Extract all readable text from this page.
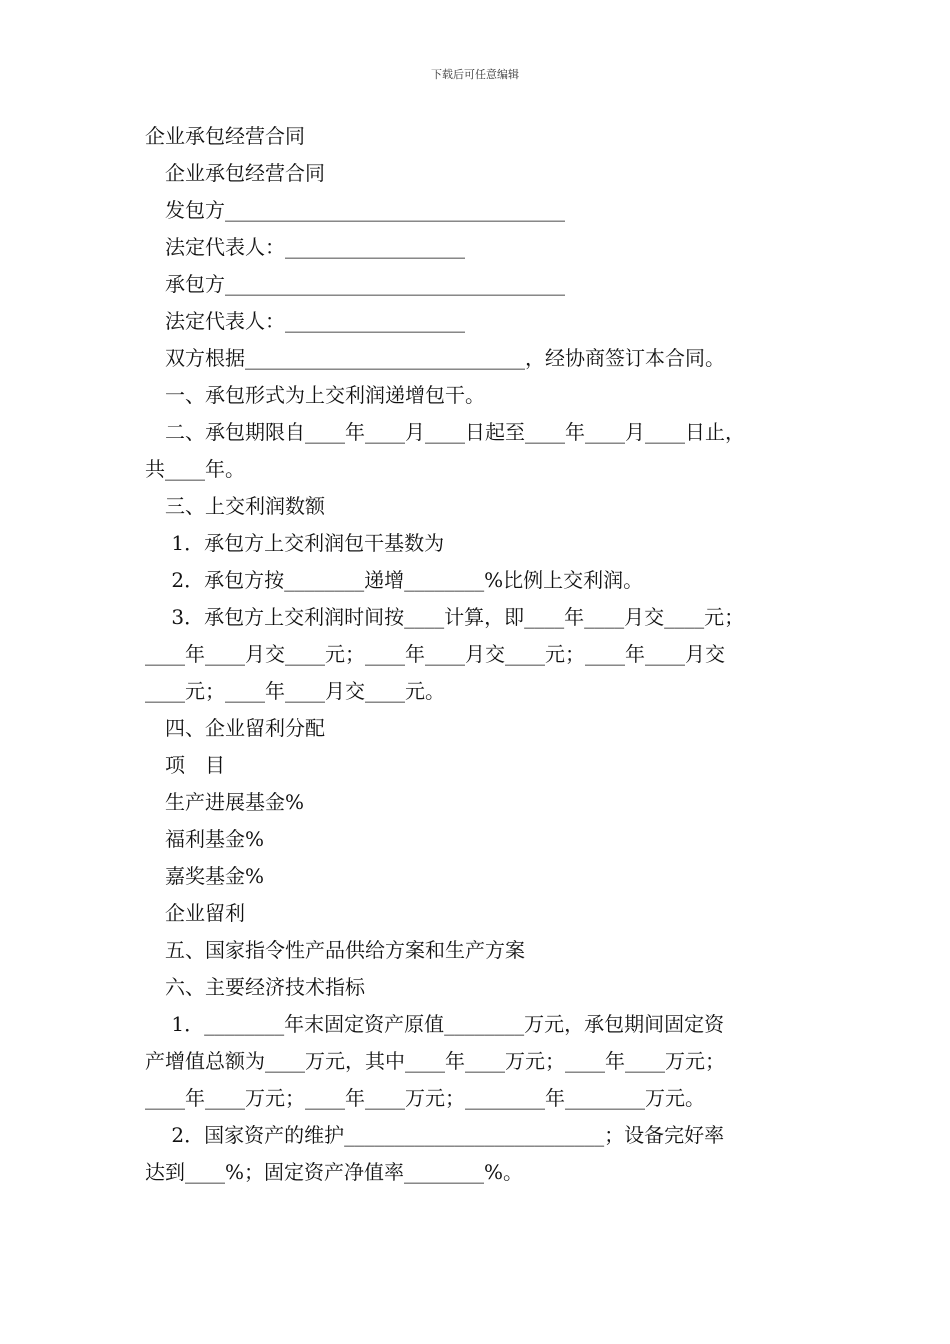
下载后可任意编辑
企业承包经营合同
企业承包经营合同
发包方__________________________________
法定代表人：__________________
承包方__________________________________
法定代表人：__________________
双方根据____________________________，经协商签订本合同。
一、承包形式为上交利润递增包干。
二、承包期限自____年____月____日起至____年____月____日止，
共____年。
三、上交利润数额
1．承包方上交利润包干基数为
2．承包方按________递增________%比例上交利润。
3．承包方上交利润时间按____计算，即____年____月交____元；
____年____月交____元；____年____月交____元；____年____月交
____元；____年____月交____元。
四、企业留利分配
项　目
生产进展基金%
福利基金%
嘉奖基金%
企业留利
五、国家指令性产品供给方案和生产方案
六、主要经济技术指标
1．________年末固定资产原值________万元，承包期间固定资
产增值总额为____万元，其中____年____万元；____年____万元；
____年____万元；____年____万元；________年________万元。
2．国家资产的维护__________________________；设备完好率
达到____%；固定资产净值率________%。
